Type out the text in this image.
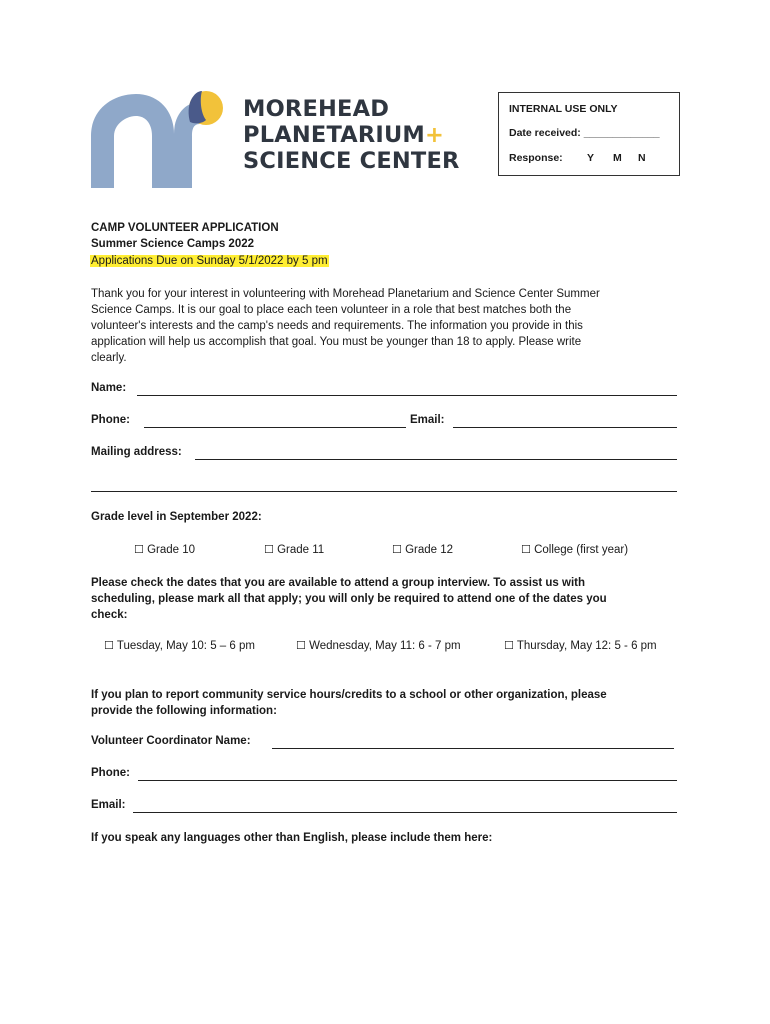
MOREHEAD
PLANETARIUM+
SCIENCE CENTER
INTERNAL USE ONLY
Date received: _____________
Response: Y M N
CAMP VOLUNTEER APPLICATION
Summer Science Camps 2022
Applications Due on Sunday 5/1/2022 by 5 pm
Thank you for your interest in volunteering with Morehead Planetarium and Science Center Summer
Science Camps. It is our goal to place each teen volunteer in a role that best matches both the
volunteer's interests and the camp's needs and requirements. The information you provide in this
application will help us accomplish that goal. You must be younger than 18 to apply. Please write
clearly.
Name:
Phone:	Email:
Mailing address:
Grade level in September 2022:
☐ Grade 10	☐ Grade 11	☐ Grade 12	☐ College (first year)
Please check the dates that you are available to attend a group interview. To assist us with
scheduling, please mark all that apply; you will only be required to attend one of the dates you
check:
☐ Tuesday, May 10: 5 – 6 pm	☐ Wednesday, May 11: 6 - 7 pm	☐ Thursday, May 12: 5 - 6 pm
If you plan to report community service hours/credits to a school or other organization, please
provide the following information:
Volunteer Coordinator Name:
Phone:
Email:
If you speak any languages other than English, please include them here:
